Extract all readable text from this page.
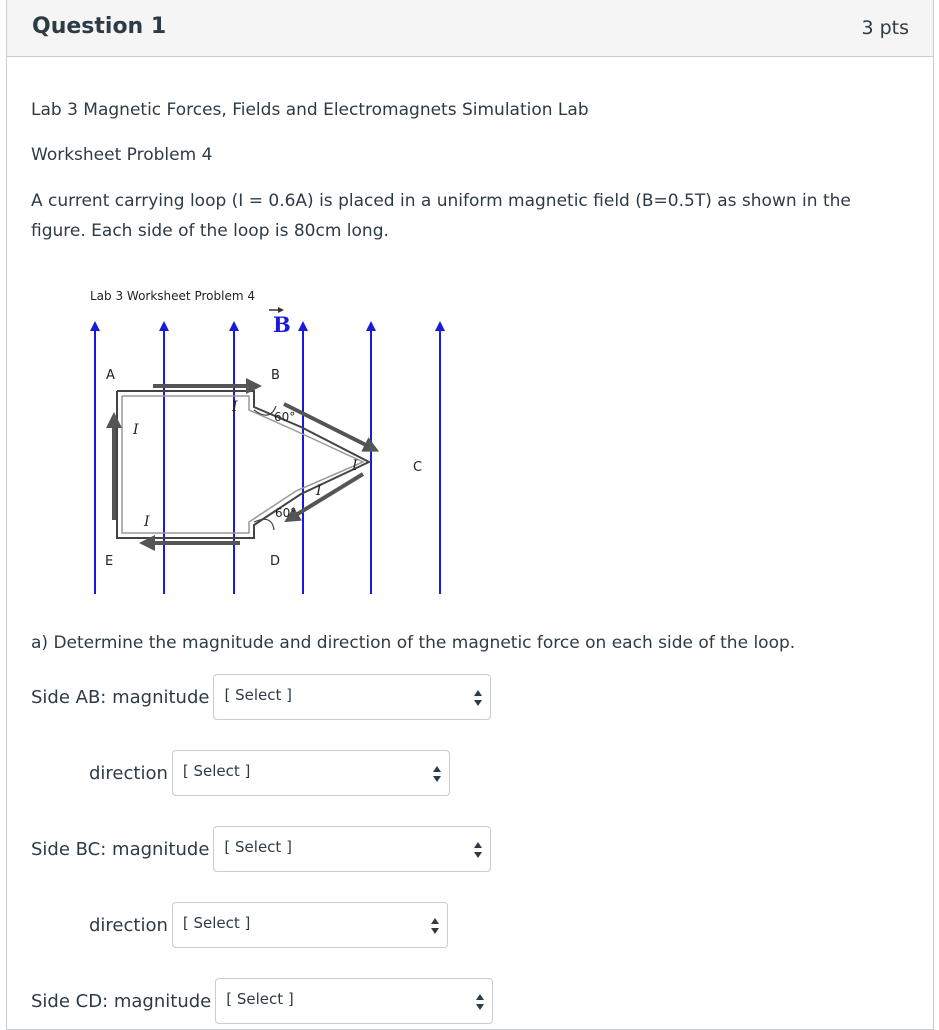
Question 1	3 pts
Lab 3 Magnetic Forces, Fields and Electromagnets Simulation Lab
Worksheet Problem 4
A current carrying loop (I = 0.6A) is placed in a uniform magnetic field (B=0.5T) as shown in the
figure. Each side of the loop is 80cm long.
Lab 3 Worksheet Problem 4
B
A	B
C
D
E
60°
60°
I
I
I
I
I
a) Determine the magnitude and direction of the magnetic force on each side of the loop.
Side AB: magnitude [ Select ]
direction [ Select ]
Side BC: magnitude [ Select ]
direction [ Select ]
Side CD: magnitude [ Select ]
